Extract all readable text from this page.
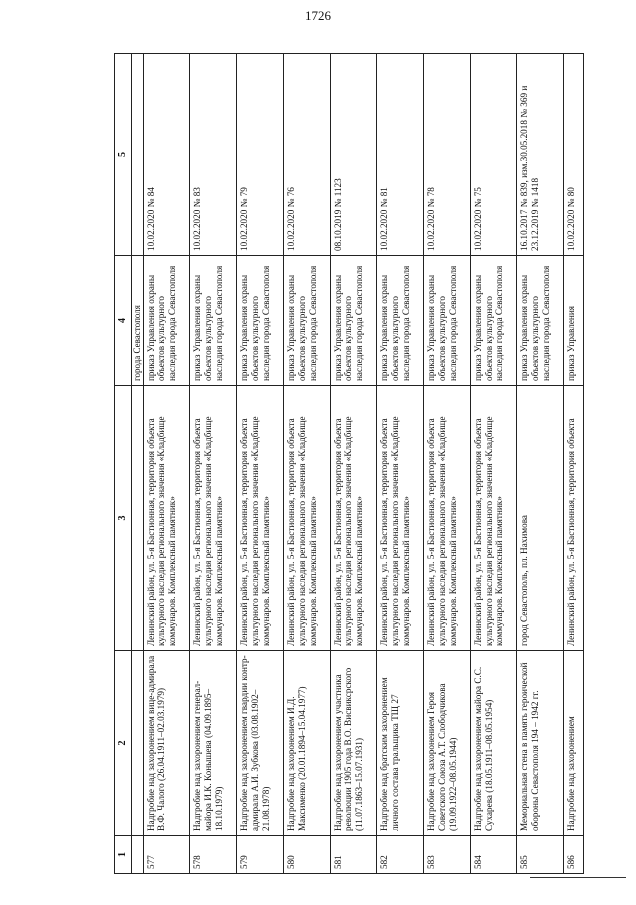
1726
1	2	3	4	5
			города Севастополя	
577	Надгробие над захоронением вице-адмирала В.Ф. Чалого (26.04.1911–02.03.1979)	Ленинский район, ул. 5-я Бастионная, территория объекта культурного наследия регионального значения «Кладбище коммунаров. Комплексный памятник»	приказ Управления охраны объектов культурного наследия города Севастополя	10.02.2020 № 84
578	Надгробие над захоронением генерал-майора И.К. Конышева (04.09.1895–18.10.1979)	Ленинский район, ул. 5-я Бастионная, территория объекта культурного наследия регионального значения «Кладбище коммунаров. Комплексный памятник»	приказ Управления охраны объектов культурного наследия города Севастополя	10.02.2020 № 83
579	Надгробие над захоронением гвардии контр-адмирала А.И. Зубкова (03.08.1902–21.08.1978)	Ленинский район, ул. 5-я Бастионная, территория объекта культурного наследия регионального значения «Кладбище коммунаров. Комплексный памятник»	приказ Управления охраны объектов культурного наследия города Севастополя	10.02.2020 № 79
580	Надгробие над захоронением И.Д. Максименко (20.01.1894–15.04.1977)	Ленинский район, ул. 5-я Бастионная, территория объекта культурного наследия регионального значения «Кладбище коммунаров. Комплексный памятник»	приказ Управления охраны объектов культурного наследия города Севастополя	10.02.2020 № 76
581	Надгробие над захоронением участника революции 1905 года В.О. Висвиксрского (11.07.1863–15.07.1931)	Ленинский район, ул. 5-я Бастионная, территория объекта культурного наследия регионального значения «Кладбище коммунаров. Комплексный памятник»	приказ Управления охраны объектов культурного наследия города Севастополя	08.10.2019 № 1123
582	Надгробие над братским захоронением личного состава тральщика ТЩ 27	Ленинский район, ул. 5-я Бастионная, территория объекта культурного наследия регионального значения «Кладбище коммунаров. Комплексный памятник»	приказ Управления охраны объектов культурного наследия города Севастополя	10.02.2020 № 81
583	Надгробие над захоронением Героя Советского Союза А.Т. Слободчикова (19.09.1922–08.05.1944)	Ленинский район, ул. 5-я Бастионная, территория объекта культурного наследия регионального значения «Кладбище коммунаров. Комплексный памятник»	приказ Управления охраны объектов культурного наследия города Севастополя	10.02.2020 № 78
584	Надгробие над захоронением майора С.С. Сухарева (18.05.1911–08.05.1954)	Ленинский район, ул. 5-я Бастионная, территория объекта культурного наследия регионального значения «Кладбище коммунаров. Комплексный памятник»	приказ Управления охраны объектов культурного наследия города Севастополя	10.02.2020 № 75
585	Мемориальная стена в память героической обороны Севастополя 194 – 1942 гг.	город Севастополь, пл. Нахимова	приказ Управления охраны объектов культурного наследия города Севастополя	16.10.2017 № 839, изм.30.05.2018 № 369 и 23.12.2019 № 1418
586	Надгробие над захоронением	Ленинский район, ул. 5-я Бастионная, территория объекта	приказ Управления	10.02.2020 № 80
